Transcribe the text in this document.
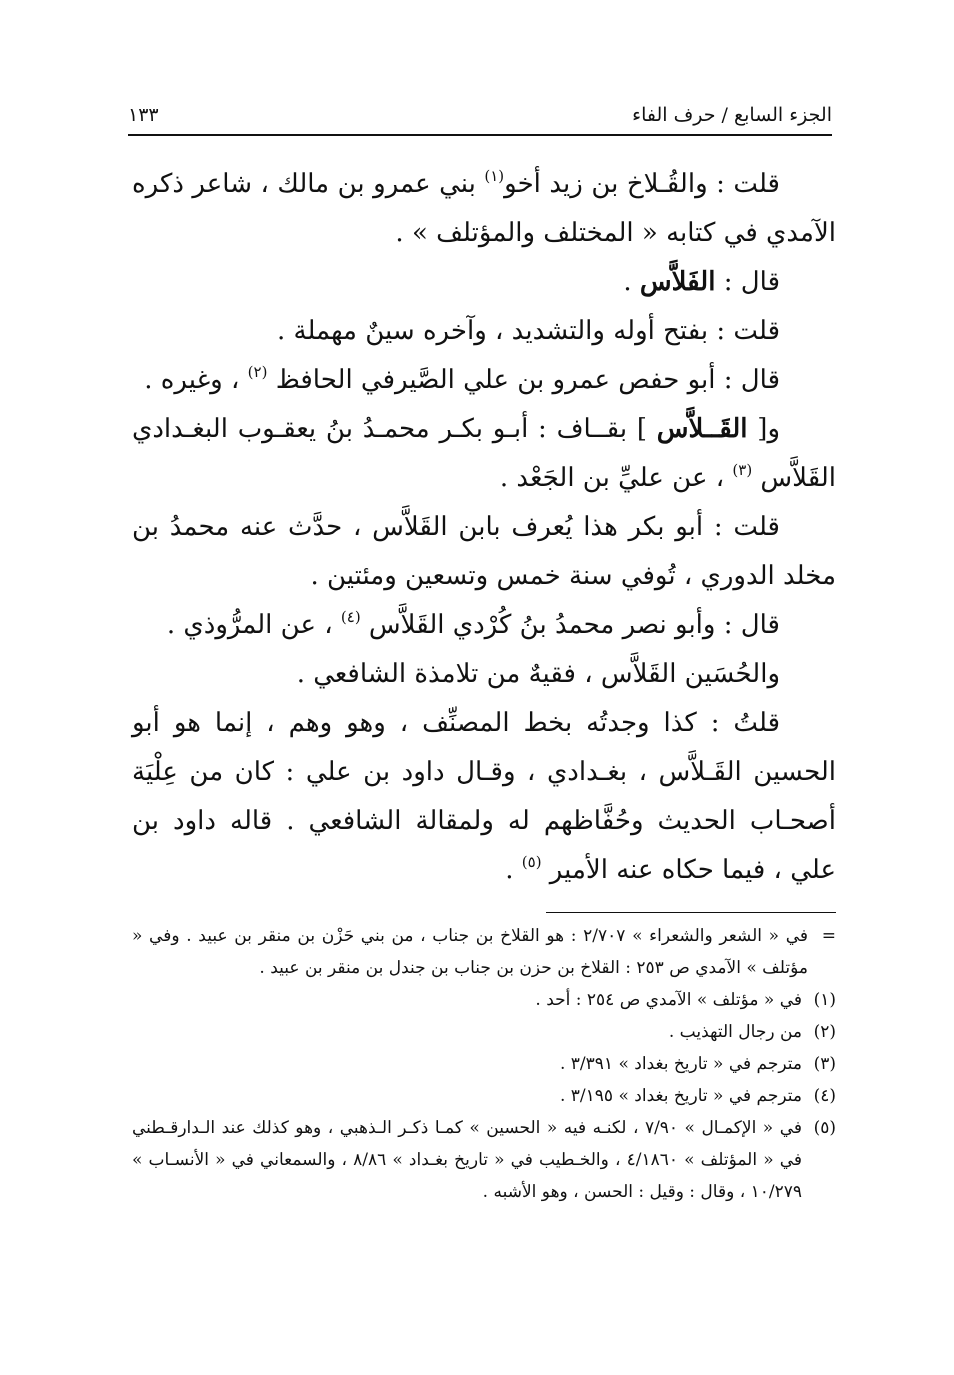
الجزء السابع / حرف الفاء
١٣٣

قلت : والقُـلاخ بن زيد أخو$^{(١)}$ بني عمرو بن مالك ، شاعر ذكره الآمدي في كتابه « المختلف والمؤتلف » .

قال : الفَلاَّس .

قلت : بفتح أوله والتشديد ، وآخره سينٌ مهملة .

قال : أبو حفص عمرو بن علي الصَّيرفي الحافظ $^{(٢)}$ ، وغيره .

و[ القَــلاَّس ] بقــاف : أبـو بكـر محمـدُ بنُ يعقـوب البغـدادي القَلاَّس $^{(٣)}$ ، عن عليِّ بن الجَعْد .

قلت : أبو بكر هذا يُعرف بابن القَلاَّس ، حدَّث عنه محمدُ بن مخلد الدوري ، تُوفي سنة خمس وتسعين ومئتين .

قال : وأبو نصر محمدُ بنُ كُرْدي القَلاَّس $^{(٤)}$ ، عن المرُّوذي .

والحُسَين القَلاَّس ، فقيهٌ من تلامذة الشافعي .

قلتُ : كذا وجدتُه بخط المصنِّف ، وهو وهم ، إنما هو أبو الحسين القَـلاَّس ، بغـدادي ، وقـال داود بن علي : كان من عِلْيَة أصحـاب الحديث وحُفَّاظهم له ولمقالة الشافعي . قاله داود بن علي ، فيما حكاه عنه الأمير $^{(٥)}$ .

=
في « الشعر والشعراء » ٢/٧٠٧ : هو القلاخ بن جناب ، من بني حَزْن بن منقر بن عبيد . وفي « مؤتلف » الآمدي ص ٢٥٣ : القلاخ بن حزن بن جناب بن جندل بن منقر بن عبيد .

(١)في « مؤتلف » الآمدي ص ٢٥٤ : أحد .

(٢)من رجال التهذيب .

(٣)مترجم في « تاريخ بغداد » ٣/٣٩١ .

(٤)مترجم في « تاريخ بغداد » ٣/١٩٥ .

(٥)في « الإكمـال » ٧/٩٠ ، لكنـه فيه « الحسين » كمـا ذكـر الـذهبي ، وهو كذلك عند الـدارقـطني في « المؤتلف » ٤/١٨٦٠ ، والخـطيب في « تاريخ بغـداد » ٨/٨٦ ، والسمعاني في « الأنسـاب » ١٠/٢٧٩ ، وقال : وقيل : الحسن ، وهو الأشبه .
